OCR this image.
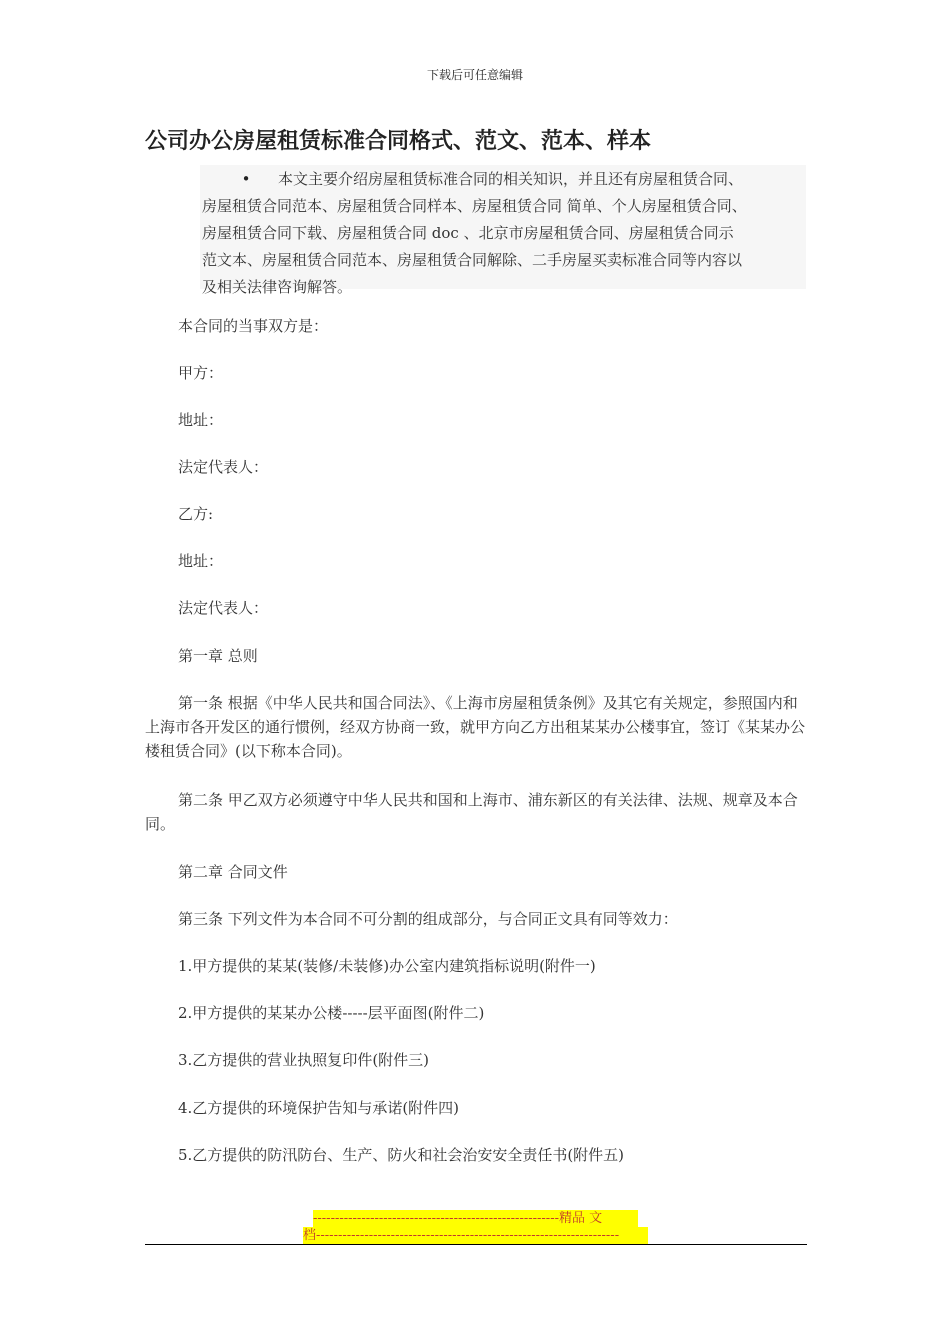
下载后可任意编辑
公司办公房屋租赁标准合同格式、范文、范本、样本

• 本文主要介绍房屋租赁标准合同的相关知识，并且还有房屋租赁合同、
房屋租赁合同范本、房屋租赁合同样本、房屋租赁合同 简单、个人房屋租赁合同、
房屋租赁合同下载、房屋租赁合同 doc 、北京市房屋租赁合同、房屋租赁合同示
范文本、房屋租赁合同范本、房屋租赁合同解除、二手房屋买卖标准合同等内容以
及相关法律咨询解答。

本合同的当事双方是：

甲方：

地址：

法定代表人：

乙方:

地址：

法定代表人：

第一章 总则

第一条 根据《中华人民共和国合同法》、《上海市房屋租赁条例》及其它有关规定，参照国内和上海市各开发区的通行惯例，经双方协商一致，就甲方向乙方出租某某办公楼事宜，签订《某某办公楼租赁合同》(以下称本合同)。

第二条 甲乙双方必须遵守中华人民共和国和上海市、浦东新区的有关法律、法规、规章及本合同。

第二章 合同文件

第三条 下列文件为本合同不可分割的组成部分，与合同正文具有同等效力：

1.甲方提供的某某(装修/未装修)办公室内建筑指标说明(附件一)

2.甲方提供的某某办公楼-----层平面图(附件二)

3.乙方提供的营业执照复印件(附件三)

4.乙方提供的环境保护告知与承诺(附件四)

5.乙方提供的防汛防台、生产、防火和社会治安安全责任书(附件五)

--------------------------------------------------------精品 文
档---------------------------------------------------------------------
